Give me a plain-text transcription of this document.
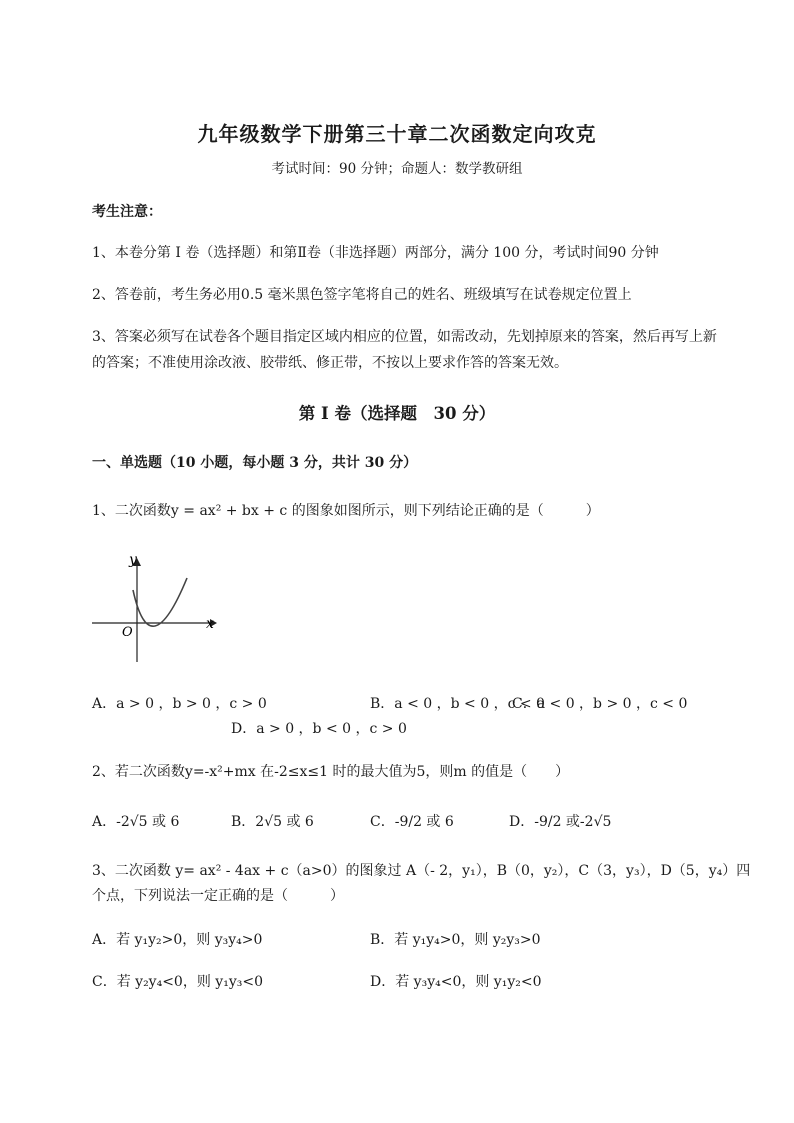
九年级数学下册第三十章二次函数定向攻克
考试时间：90 分钟；命题人：数学教研组
考生注意：
1、本卷分第 I 卷（选择题）和第Ⅱ卷（非选择题）两部分，满分 100 分，考试时间90 分钟
2、答卷前，考生务必用0.5 毫米黑色签字笔将自己的姓名、班级填写在试卷规定位置上
3、答案必须写在试卷各个题目指定区域内相应的位置，如需改动，先划掉原来的答案，然后再写上新
的答案；不准使用涂改液、胶带纸、修正带，不按以上要求作答的答案无效。
第 I 卷（选择题　30 分）
一、单选题（10 小题，每小题 3 分，共计 30 分）
1、二次函数y = ax² + bx + c 的图象如图所示，则下列结论正确的是（　　　）
x
y
O
A．a > 0 ，b > 0 ，c > 0	B．a < 0 ，b < 0 ，c < 0
C．a < 0 ，b > 0 ，c < 0
D．a > 0 ，b < 0 ，c > 0
2、若二次函数y=-x²+mx 在-2≤x≤1 时的最大值为5，则m 的值是（　　）
A．-2√5 或 6	B．2√5 或 6	C．-9/2 或 6	D．-9/2 或-2√5
3、二次函数 y= ax² - 4ax + c（a>0）的图象过 A（- 2，y₁），B（0，y₂），C（3，y₃），D（5，y₄）四
个点，下列说法一定正确的是（　　　）
A．若 y₁y₂>0，则 y₃y₄>0	B．若 y₁y₄>0，则 y₂y₃>0
C．若 y₂y₄<0，则 y₁y₃<0	D．若 y₃y₄<0，则 y₁y₂<0
